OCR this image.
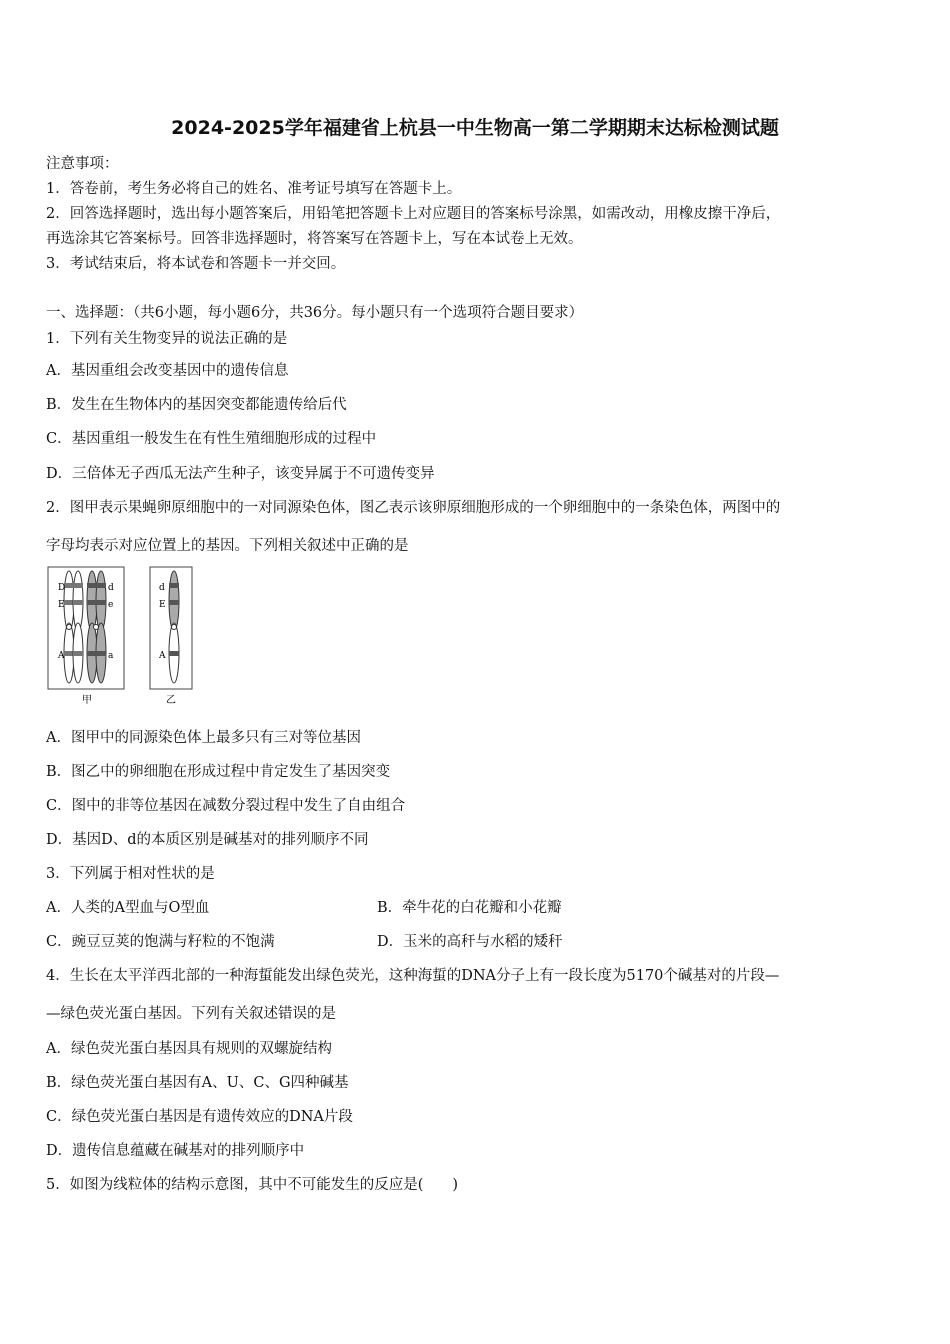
2024-2025学年福建省上杭县一中生物高一第二学期期末达标检测试题
注意事项：
1．答卷前，考生务必将自己的姓名、准考证号填写在答题卡上。
2．回答选择题时，选出每小题答案后，用铅笔把答题卡上对应题目的答案标号涂黑，如需改动，用橡皮擦干净后，
再选涂其它答案标号。回答非选择题时，将答案写在答题卡上，写在本试卷上无效。
3．考试结束后，将本试卷和答题卡一并交回。
一、选择题：（共6小题，每小题6分，共36分。每小题只有一个选项符合题目要求）
1．下列有关生物变异的说法正确的是
A．基因重组会改变基因中的遗传信息
B．发生在生物体内的基因突变都能遗传给后代
C．基因重组一般发生在有性生殖细胞形成的过程中
D．三倍体无子西瓜无法产生种子，该变异属于不可遗传变异
2．图甲表示果蝇卵原细胞中的一对同源染色体，图乙表示该卵原细胞形成的一个卵细胞中的一条染色体，两图中的
字母均表示对应位置上的基因。下列相关叙述中正确的是
D
E
A
d
e
a
甲
d
E
A
乙
A．图甲中的同源染色体上最多只有三对等位基因
B．图乙中的卵细胞在形成过程中肯定发生了基因突变
C．图中的非等位基因在减数分裂过程中发生了自由组合
D．基因D、d的本质区别是碱基对的排列顺序不同
3．下列属于相对性状的是
A．人类的A型血与O型血	B．牵牛花的白花瓣和小花瓣
C．豌豆豆荚的饱满与籽粒的不饱满	D．玉米的高秆与水稻的矮秆
4．生长在太平洋西北部的一种海蜇能发出绿色荧光，这种海蜇的DNA分子上有一段长度为5170个碱基对的片段—
—绿色荧光蛋白基因。下列有关叙述错误的是
A．绿色荧光蛋白基因具有规则的双螺旋结构
B．绿色荧光蛋白基因有A、U、C、G四种碱基
C．绿色荧光蛋白基因是有遗传效应的DNA片段
D．遗传信息蕴藏在碱基对的排列顺序中
5．如图为线粒体的结构示意图，其中不可能发生的反应是(　　)
